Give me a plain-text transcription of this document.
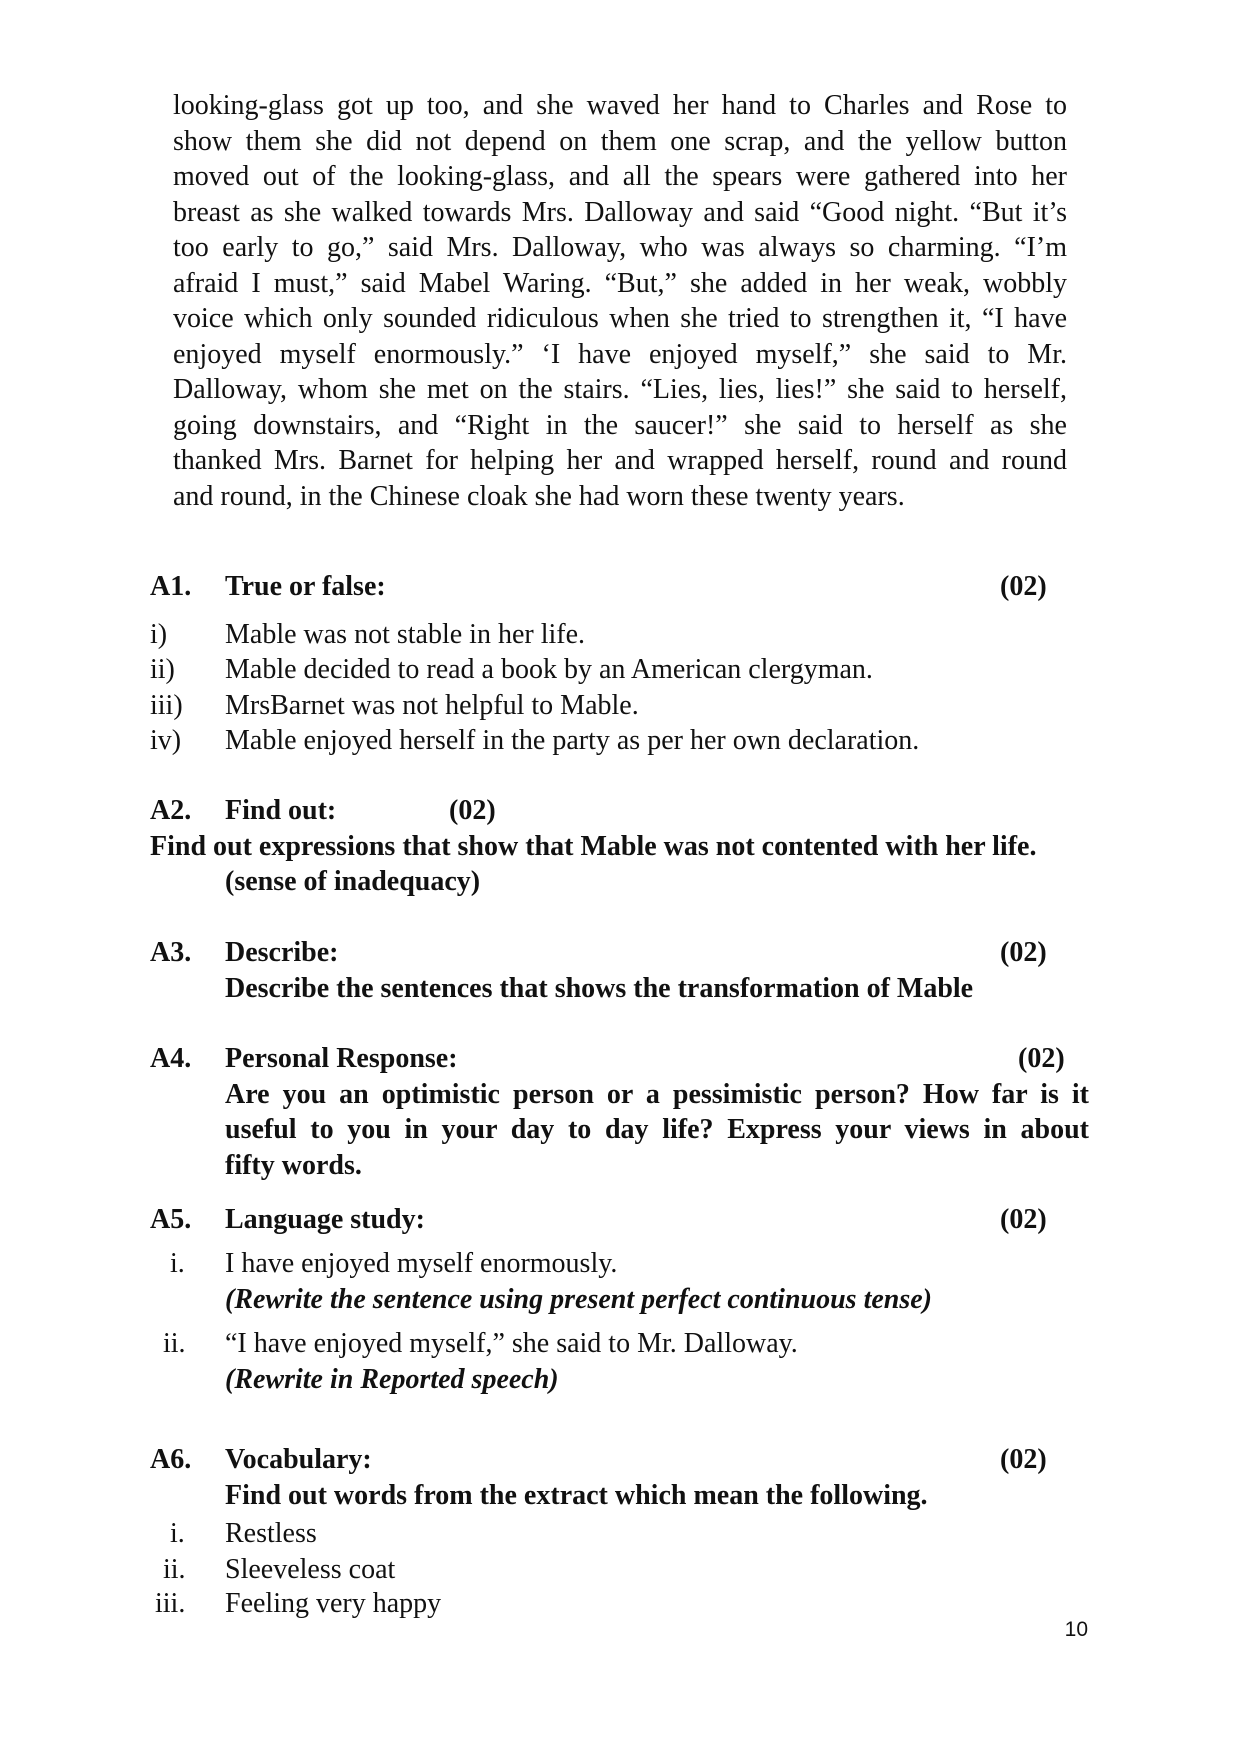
looking-glass got up too, and she waved her hand to Charles and Rose to
show them she did not depend on them one scrap, and the yellow button
moved out of the looking-glass, and all the spears were gathered into her
breast as she walked towards Mrs. Dalloway and said “Good night. “But it’s
too early to go,” said Mrs. Dalloway, who was always so charming. “I’m
afraid I must,” said Mabel Waring. “But,” she added in her weak, wobbly
voice which only sounded ridiculous when she tried to strengthen it, “I have
enjoyed myself enormously.” ‘I have enjoyed myself,” she said to Mr.
Dalloway, whom she met on the stairs. “Lies, lies, lies!” she said to herself,
going downstairs, and “Right in the saucer!” she said to herself as she
thanked Mrs. Barnet for helping her and wrapped herself, round and round
and round, in the Chinese cloak she had worn these twenty years.
A1. True or false:	(02)
i) Mable was not stable in her life.
ii) Mable decided to read a book by an American clergyman.
iii) MrsBarnet was not helpful to Mable.
iv) Mable enjoyed herself in the party as per her own declaration.
A2. Find out:	(02)
Find out expressions that show that Mable was not contented with her life.
(sense of inadequacy)
A3. Describe:	(02)
Describe the sentences that shows the transformation of Mable
A4. Personal Response:	(02)
Are you an optimistic person or a pessimistic person? How far is it
useful to you in your day to day life? Express your views in about
fifty words.
A5. Language study:	(02)
i. I have enjoyed myself enormously.
(Rewrite the sentence using present perfect continuous tense)
ii. “I have enjoyed myself,” she said to Mr. Dalloway.
(Rewrite in Reported speech)
A6. Vocabulary:	(02)
Find out words from the extract which mean the following.
i. Restless
ii. Sleeveless coat
iii. Feeling very happy
10
